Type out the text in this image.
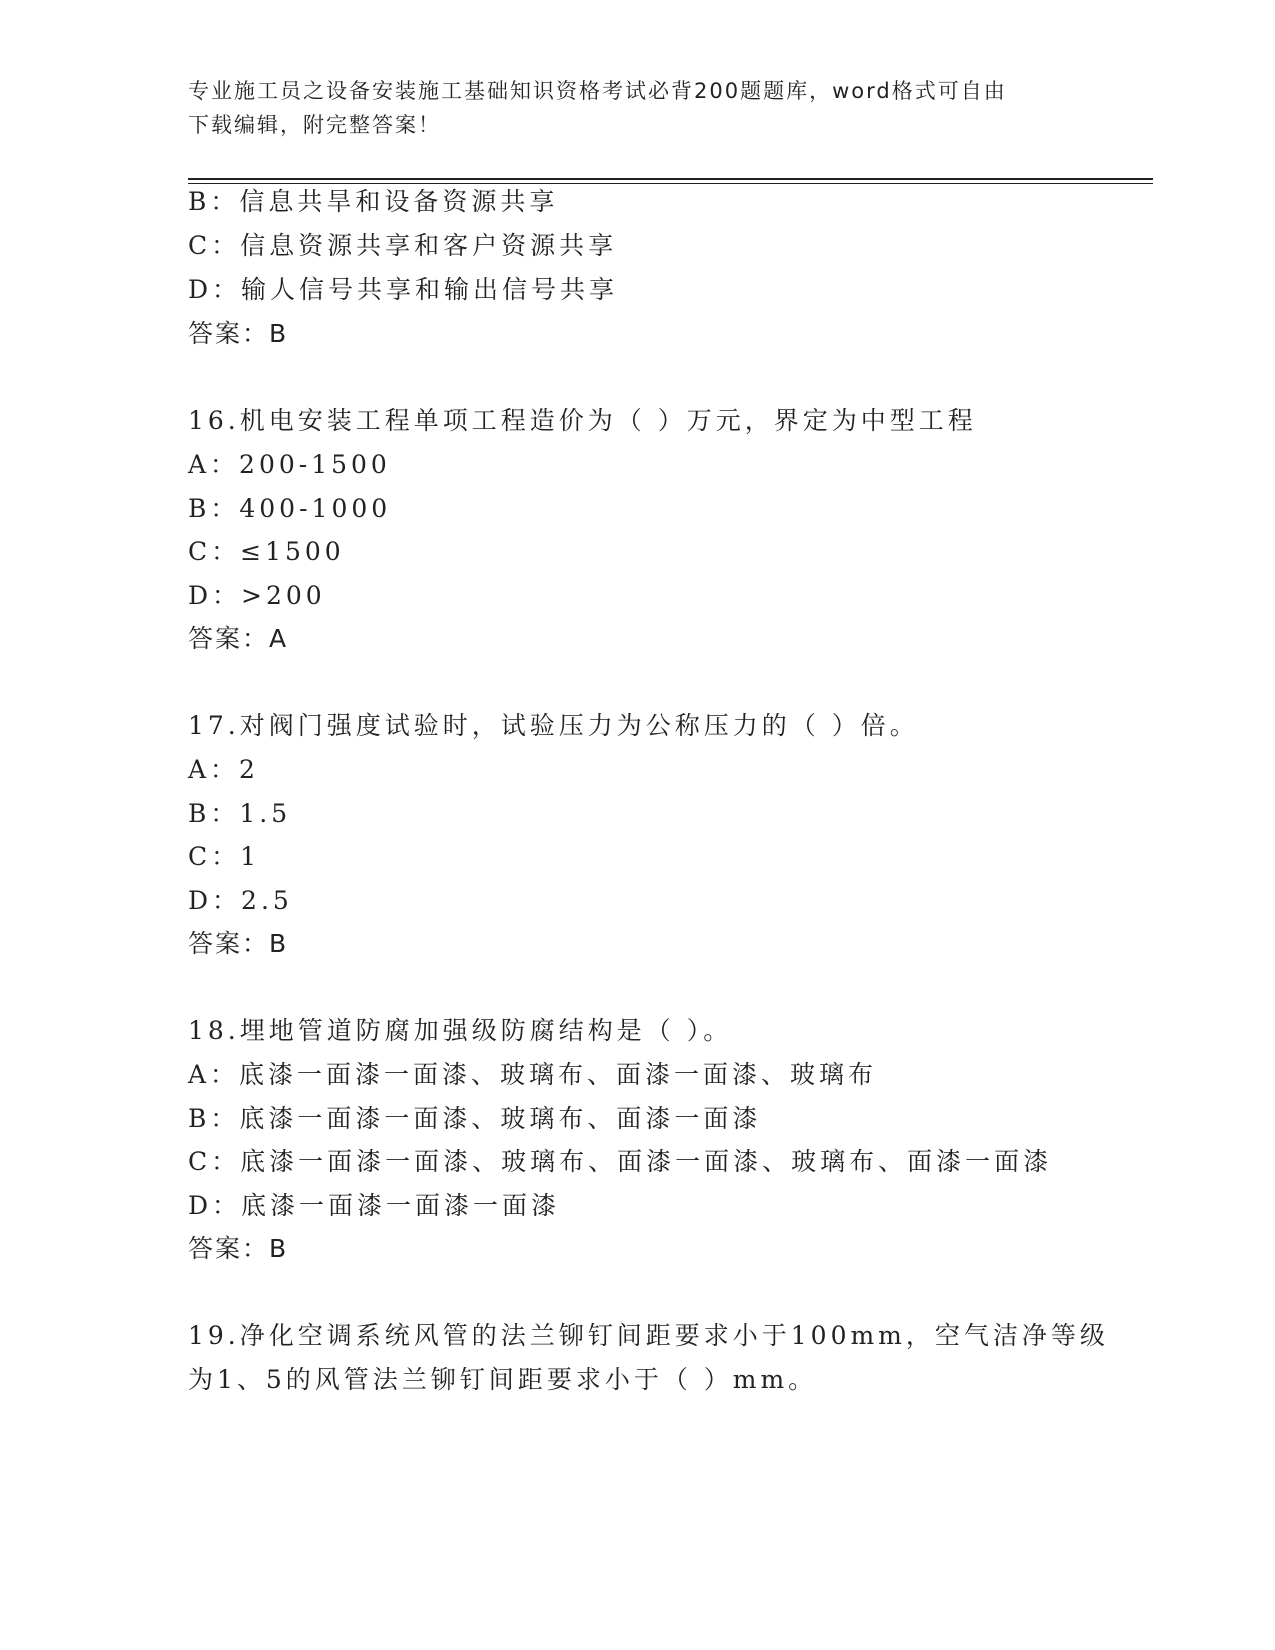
专业施工员之设备安装施工基础知识资格考试必背200题题库，word格式可自由
下载编辑，附完整答案！
B：信息共旱和设备资源共享
C：信息资源共享和客户资源共享
D：输人信号共享和输出信号共享
答案：B
16.机电安装工程单项工程造价为（ ）万元，界定为中型工程
A：200-1500
B：400-1000
C：≤1500
D：>200
答案：A
17.对阀门强度试验时，试验压力为公称压力的（ ）倍。
A：2
B：1.5
C：1
D：2.5
答案：B
18.埋地管道防腐加强级防腐结构是（ ）。
A：底漆一面漆一面漆、玻璃布、面漆一面漆、玻璃布
B：底漆一面漆一面漆、玻璃布、面漆一面漆
C：底漆一面漆一面漆、玻璃布、面漆一面漆、玻璃布、面漆一面漆
D：底漆一面漆一面漆一面漆
答案：B
19.净化空调系统风管的法兰铆钉间距要求小于100mm，空气洁净等级
为1、5的风管法兰铆钉间距要求小于（ ）mm。
